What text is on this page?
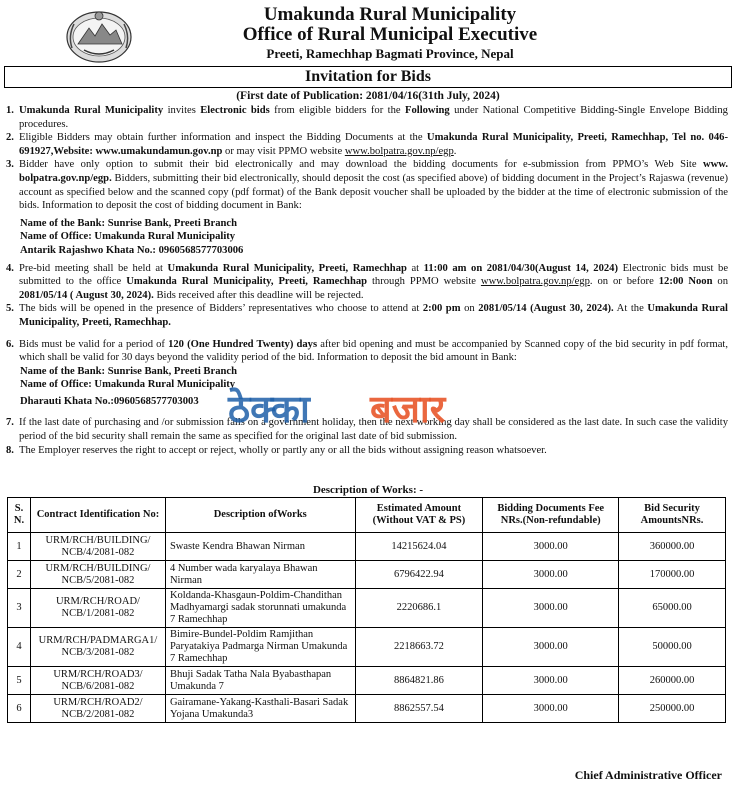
Umakunda Rural Municipality
Office of Rural Municipal Executive
Preeti, Ramechhap Bagmati Province, Nepal
Invitation for Bids
(First date of Publication: 2081/04/16(31th July, 2024)

1. Umakunda Rural Municipality invites Electronic bids from eligible bidders for the Following under National Competitive Bidding-Single Envelope Bidding procedures.

2. Eligible Bidders may obtain further information and inspect the Bidding Documents at the Umakunda Rural Municipality, Preeti, Ramechhap, Tel no. 046-691927,Website: www.umakundamun.gov.np or may visit PPMO website www.bolpatra.gov.np/egp.

3. Bidder have only option to submit their bid electronically and may download the bidding documents for e-submission from PPMO’s Web Site www. bolpatra.gov.np/egp. Bidders, submitting their bid electronically, should deposit the cost (as specified above) of bidding document in the Project’s Rajaswa (revenue) account as specified below and the scanned copy (pdf format) of the Bank deposit voucher shall be uploaded by the bidder at the time of electronic submission of the bids. Information to deposit the cost of bidding document in Bank:

Name of the Bank: Sunrise Bank, Preeti Branch

Name of Office: Umakunda Rural Municipality

Antarik Rajashwo Khata No.: 0960568577703006

4. Pre-bid meeting shall be held at Umakunda Rural Municipality, Preeti, Ramechhap at 11:00 am on 2081/04/30(August 14, 2024) Electronic bids must be submitted to the office Umakunda Rural Municipality, Preeti, Ramechhap through PPMO website www.bolpatra.gov.np/egp. on or before 12:00 Noon on 2081/05/14 ( August 30, 2024). Bids received after this deadline will be rejected.

5. The bids will be opened in the presence of Bidders’ representatives who choose to attend at 2:00 pm on 2081/05/14 (August 30, 2024). At the Umakunda Rural Municipality, Preeti, Ramechhap.

6. Bids must be valid for a period of 120 (One Hundred Twenty) days after bid opening and must be accompanied by Scanned copy of the bid security in pdf format, which shall be valid for 30 days beyond the validity period of the bid. Information to deposit the bid amount in Bank:

Name of the Bank: Sunrise Bank, Preeti Branch

Name of Office: Umakunda Rural Municipality

Dharauti Khata No.:0960568577703003

7. If the last date of purchasing and /or submission falls on a government holiday, then the next working day shall be considered as the last date. In such case the validity period of the bid security shall remain the same as specified for the original last date of bid submission.

8. The Employer reserves the right to accept or reject, wholly or partly any or all the bids without assigning reason whatsoever.

ठेक्का बजार
Description of Works: -
S. N.	Contract Identification No:	Description ofWorks	Estimated Amount (Without VAT & PS)	Bidding Documents Fee NRs.(Non-refundable)	Bid Security AmountsNRs.
1	URM/RCH/BUILDING/ NCB/4/2081-082	Swaste Kendra Bhawan Nirman	14215624.04	3000.00	360000.00
2	URM/RCH/BUILDING/ NCB/5/2081-082	4 Number wada karyalaya Bhawan Nirman	6796422.94	3000.00	170000.00
3	URM/RCH/ROAD/ NCB/1/2081-082	Koldanda-Khasgaun-Poldim-Chandithan Madhyamargi sadak storunnati umakunda 7 Ramechhap	2220686.1	3000.00	65000.00
4	URM/RCH/PADMARGA1/ NCB/3/2081-082	Bimire-Bundel-Poldim Ramjithan Paryatakiya Padmarga Nirman Umakunda 7 Ramechhap	2218663.72	3000.00	50000.00
5	URM/RCH/ROAD3/ NCB/6/2081-082	Bhuji Sadak Tatha Nala Byabasthapan Umakunda 7	8864821.86	3000.00	260000.00
6	URM/RCH/ROAD2/ NCB/2/2081-082	Gairamane-Yakang-Kasthali-Basari Sadak Yojana Umakunda3	8862557.54	3000.00	250000.00
Chief Administrative Officer
